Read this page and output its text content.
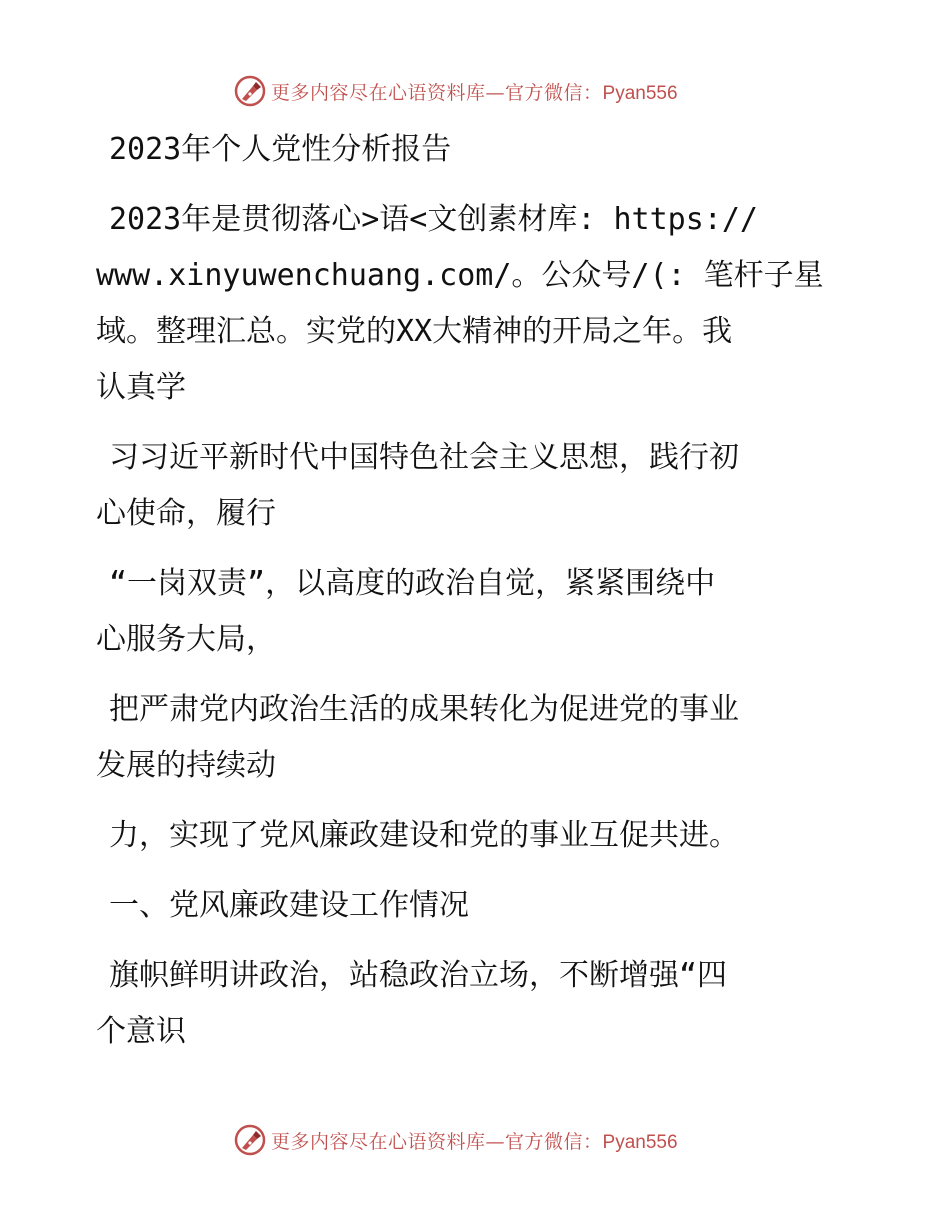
更多内容尽在心语资料库—官方微信：Pyan556
2023年个人党性分析报告
2023年是贯彻落心>语<文创素材库: https://
www.xinyuwenchuang.com/。公众号/(: 笔杆子星
域。整理汇总。实党的XX大精神的开局之年。我
认真学
习习近平新时代中国特色社会主义思想，践行初
心使命，履行
“一岗双责”，以高度的政治自觉，紧紧围绕中
心服务大局，
把严肃党内政治生活的成果转化为促进党的事业
发展的持续动
力，实现了党风廉政建设和党的事业互促共进。
一、党风廉政建设工作情况
旗帜鲜明讲政治，站稳政治立场，不断增强“四
个意识
更多内容尽在心语资料库—官方微信：Pyan556
